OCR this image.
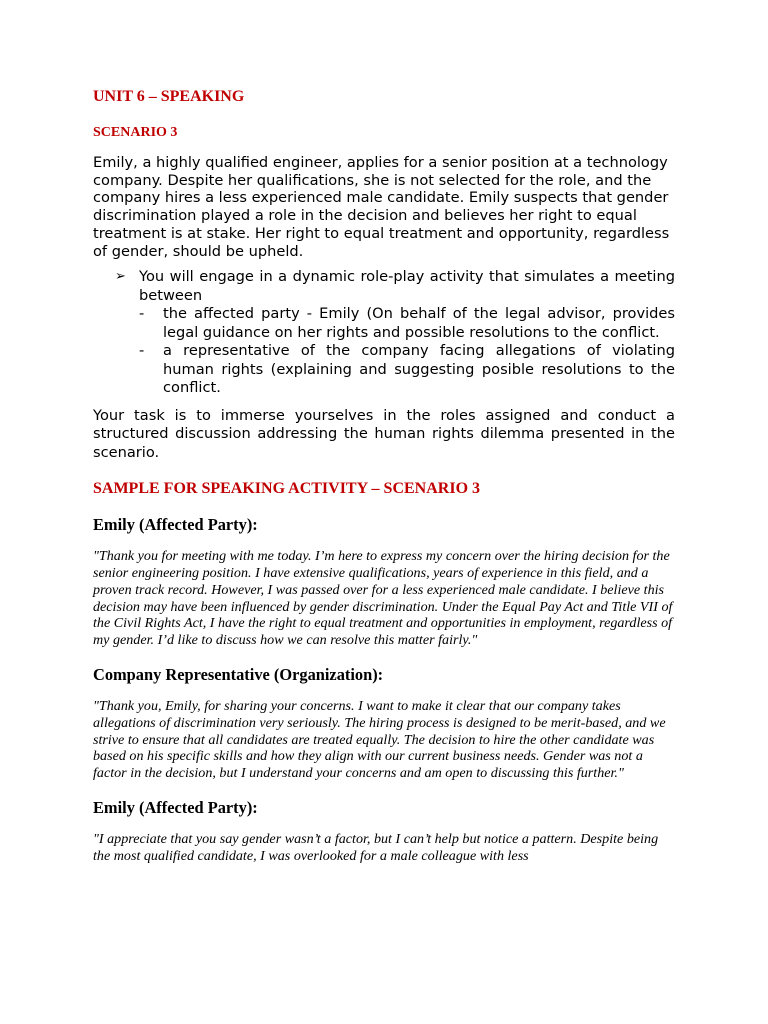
UNIT 6 – SPEAKING
SCENARIO 3

Emily, a highly qualified engineer, applies for a senior position at a technology company. Despite her qualifications, she is not selected for the role, and the company hires a less experienced male candidate. Emily suspects that gender discrimination played a role in the decision and believes her right to equal treatment is at stake. Her right to equal treatment and opportunity, regardless of gender, should be upheld.

➢ You will engage in a dynamic role-play activity that simulates a meeting between
- the affected party - Emily (On behalf of the legal advisor, provides legal guidance on her rights and possible resolutions to the conflict.
- a representative of the company facing allegations of violating human rights (explaining and suggesting posible resolutions to the conflict.

Your task is to immerse yourselves in the roles assigned and conduct a structured discussion addressing the human rights dilemma presented in the scenario.

SAMPLE FOR SPEAKING ACTIVITY – SCENARIO 3
Emily (Affected Party):

"Thank you for meeting with me today. I’m here to express my concern over the hiring decision for the senior engineering position. I have extensive qualifications, years of experience in this field, and a proven track record. However, I was passed over for a less experienced male candidate. I believe this decision may have been influenced by gender discrimination. Under the Equal Pay Act and Title VII of the Civil Rights Act, I have the right to equal treatment and opportunities in employment, regardless of my gender. I’d like to discuss how we can resolve this matter fairly."

Company Representative (Organization):

"Thank you, Emily, for sharing your concerns. I want to make it clear that our company takes allegations of discrimination very seriously. The hiring process is designed to be merit-based, and we strive to ensure that all candidates are treated equally. The decision to hire the other candidate was based on his specific skills and how they align with our current business needs. Gender was not a factor in the decision, but I understand your concerns and am open to discussing this further."

Emily (Affected Party):

"I appreciate that you say gender wasn’t a factor, but I can’t help but notice a pattern. Despite being the most qualified candidate, I was overlooked for a male colleague with less
